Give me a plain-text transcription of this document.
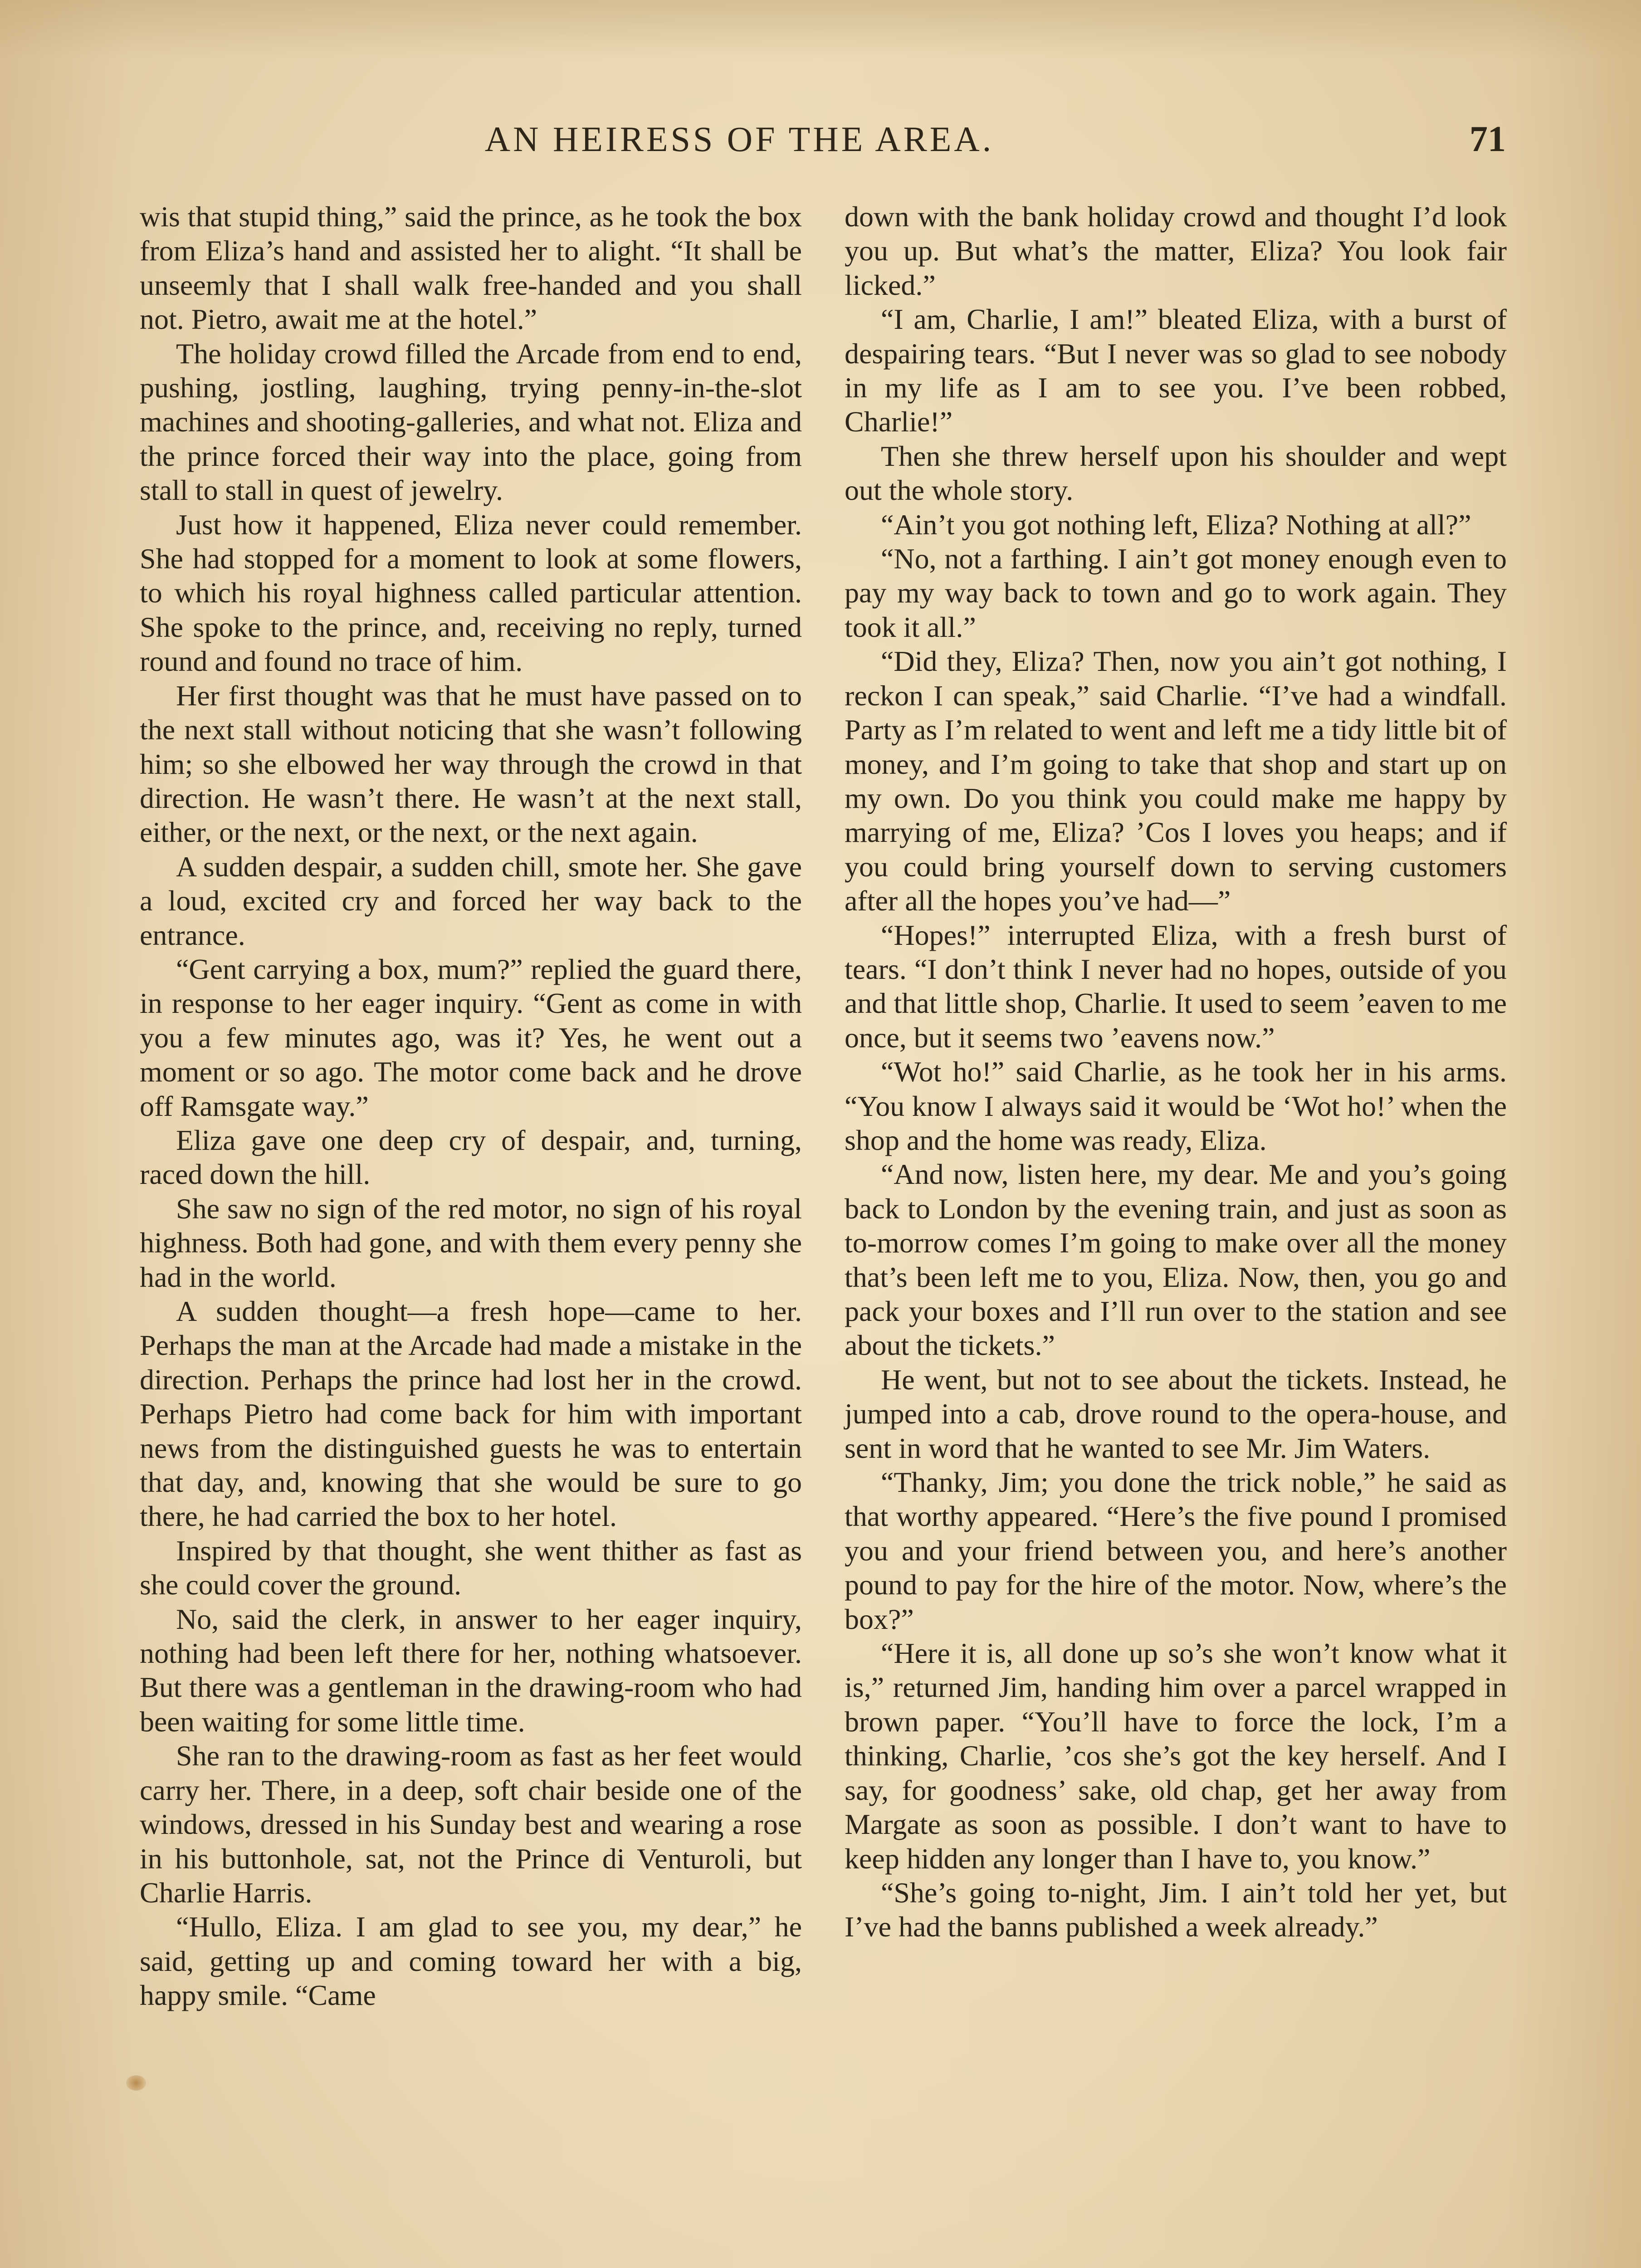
AN HEIRESS OF THE AREA.	71

wis that stupid thing,” said the prince, as he took the box from Eliza’s hand and assisted her to alight. “It shall be unseemly that I shall walk free-handed and you shall not. Pietro, await me at the hotel.”

The holiday crowd filled the Arcade from end to end, pushing, jostling, laughing, trying penny-in-the-slot machines and shooting-galleries, and what not. Eliza and the prince forced their way into the place, going from stall to stall in quest of jewelry.

Just how it happened, Eliza never could remember. She had stopped for a moment to look at some flowers, to which his royal highness called particular attention. She spoke to the prince, and, receiving no reply, turned round and found no trace of him.

Her first thought was that he must have passed on to the next stall without noticing that she wasn’t following him; so she elbowed her way through the crowd in that direction. He wasn’t there. He wasn’t at the next stall, either, or the next, or the next, or the next again.

A sudden despair, a sudden chill, smote her. She gave a loud, excited cry and forced her way back to the entrance.

“Gent carrying a box, mum?” replied the guard there, in response to her eager inquiry. “Gent as come in with you a few minutes ago, was it? Yes, he went out a moment or so ago. The motor come back and he drove off Ramsgate way.”

Eliza gave one deep cry of despair, and, turning, raced down the hill.

She saw no sign of the red motor, no sign of his royal highness. Both had gone, and with them every penny she had in the world.

A sudden thought—a fresh hope—came to her. Perhaps the man at the Arcade had made a mistake in the direction. Perhaps the prince had lost her in the crowd. Perhaps Pietro had come back for him with important news from the distinguished guests he was to entertain that day, and, knowing that she would be sure to go there, he had carried the box to her hotel.

Inspired by that thought, she went thither as fast as she could cover the ground.

No, said the clerk, in answer to her eager inquiry, nothing had been left there for her, nothing whatsoever. But there was a gentleman in the drawing-room who had been waiting for some little time.

She ran to the drawing-room as fast as her feet would carry her. There, in a deep, soft chair beside one of the windows, dressed in his Sunday best and wearing a rose in his buttonhole, sat, not the Prince di Venturoli, but Charlie Harris.

“Hullo, Eliza. I am glad to see you, my dear,” he said, getting up and coming toward her with a big, happy smile. “Came

down with the bank holiday crowd and thought I’d look you up. But what’s the matter, Eliza? You look fair licked.”

“I am, Charlie, I am!” bleated Eliza, with a burst of despairing tears. “But I never was so glad to see nobody in my life as I am to see you. I’ve been robbed, Charlie!”

Then she threw herself upon his shoulder and wept out the whole story.

“Ain’t you got nothing left, Eliza? Nothing at all?”

“No, not a farthing. I ain’t got money enough even to pay my way back to town and go to work again. They took it all.”

“Did they, Eliza? Then, now you ain’t got nothing, I reckon I can speak,” said Charlie. “I’ve had a windfall. Party as I’m related to went and left me a tidy little bit of money, and I’m going to take that shop and start up on my own. Do you think you could make me happy by marrying of me, Eliza? ’Cos I loves you heaps; and if you could bring yourself down to serving customers after all the hopes you’ve had—”

“Hopes!” interrupted Eliza, with a fresh burst of tears. “I don’t think I never had no hopes, outside of you and that little shop, Charlie. It used to seem ’eaven to me once, but it seems two ’eavens now.”

“Wot ho!” said Charlie, as he took her in his arms. “You know I always said it would be ‘Wot ho!’ when the shop and the home was ready, Eliza.

“And now, listen here, my dear. Me and you’s going back to London by the evening train, and just as soon as to-morrow comes I’m going to make over all the money that’s been left me to you, Eliza. Now, then, you go and pack your boxes and I’ll run over to the station and see about the tickets.”

He went, but not to see about the tickets. Instead, he jumped into a cab, drove round to the opera-house, and sent in word that he wanted to see Mr. Jim Waters.

“Thanky, Jim; you done the trick noble,” he said as that worthy appeared. “Here’s the five pound I promised you and your friend between you, and here’s another pound to pay for the hire of the motor. Now, where’s the box?”

“Here it is, all done up so’s she won’t know what it is,” returned Jim, handing him over a parcel wrapped in brown paper. “You’ll have to force the lock, I’m a thinking, Charlie, ’cos she’s got the key herself. And I say, for goodness’ sake, old chap, get her away from Margate as soon as possible. I don’t want to have to keep hidden any longer than I have to, you know.”

“She’s going to-night, Jim. I ain’t told her yet, but I’ve had the banns published a week already.”
